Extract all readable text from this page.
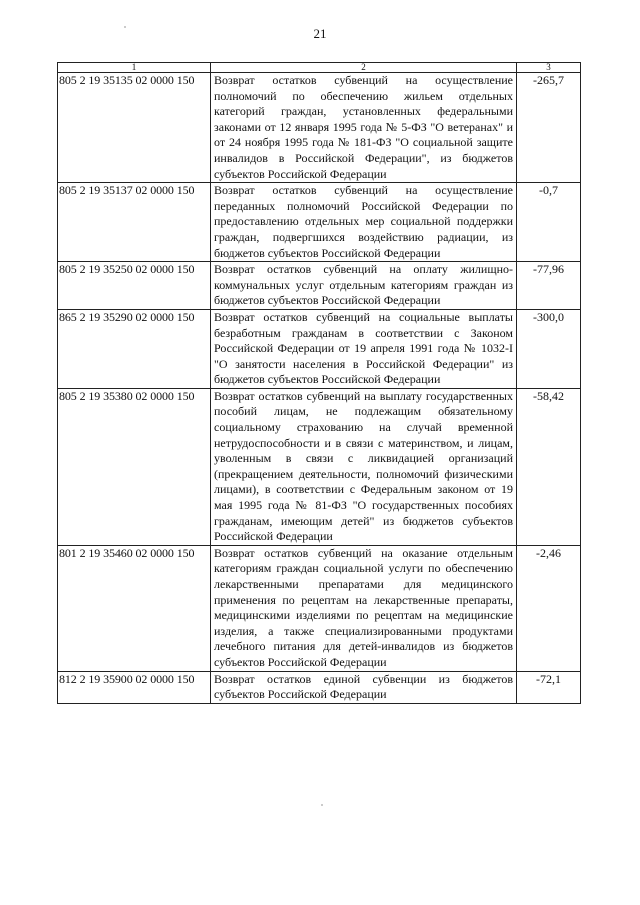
21
1	2	3
805 2 19 35135 02 0000 150	Возврат остатков субвенций на осуществление полномочий по обеспечению жильем отдельных категорий граждан, установленных федеральными законами от 12 января 1995 года № 5-ФЗ "О ветеранах" и от 24 ноября 1995 года № 181-ФЗ "О социальной защите инвалидов в Российской Федерации", из бюджетов субъектов Российской Федерации	-265,7
805 2 19 35137 02 0000 150	Возврат остатков субвенций на осуществление переданных полномочий Российской Федерации по предоставлению отдельных мер социальной поддержки граждан, подвергшихся воздействию радиации, из бюджетов субъектов Российской Федерации	-0,7
805 2 19 35250 02 0000 150	Возврат остатков субвенций на оплату жилищно-коммунальных услуг отдельным категориям граждан из бюджетов субъектов Российской Федерации	-77,96
865 2 19 35290 02 0000 150	Возврат остатков субвенций на социальные выплаты безработным гражданам в соответствии с Законом Российской Федерации от 19 апреля 1991 года № 1032-I "О занятости населения в Российской Федерации" из бюджетов субъектов Российской Федерации	-300,0
805 2 19 35380 02 0000 150	Возврат остатков субвенций на выплату государственных пособий лицам, не подлежащим обязательному социальному страхованию на случай временной нетрудоспособности и в связи с материнством, и лицам, уволенным в связи с ликвидацией организаций (прекращением деятельности, полномочий физическими лицами), в соответствии с Федеральным законом от 19 мая 1995 года № 81-ФЗ "О государственных пособиях гражданам, имеющим детей" из бюджетов субъектов Российской Федерации	-58,42
801 2 19 35460 02 0000 150	Возврат остатков субвенций на оказание отдельным категориям граждан социальной услуги по обеспечению лекарственными препаратами для медицинского применения по рецептам на лекарственные препараты, медицинскими изделиями по рецептам на медицинские изделия, а также специализированными продуктами лечебного питания для детей-инвалидов из бюджетов субъектов Российской Федерации	-2,46
812 2 19 35900 02 0000 150	Возврат остатков единой субвенции из бюджетов субъектов Российской Федерации	-72,1
